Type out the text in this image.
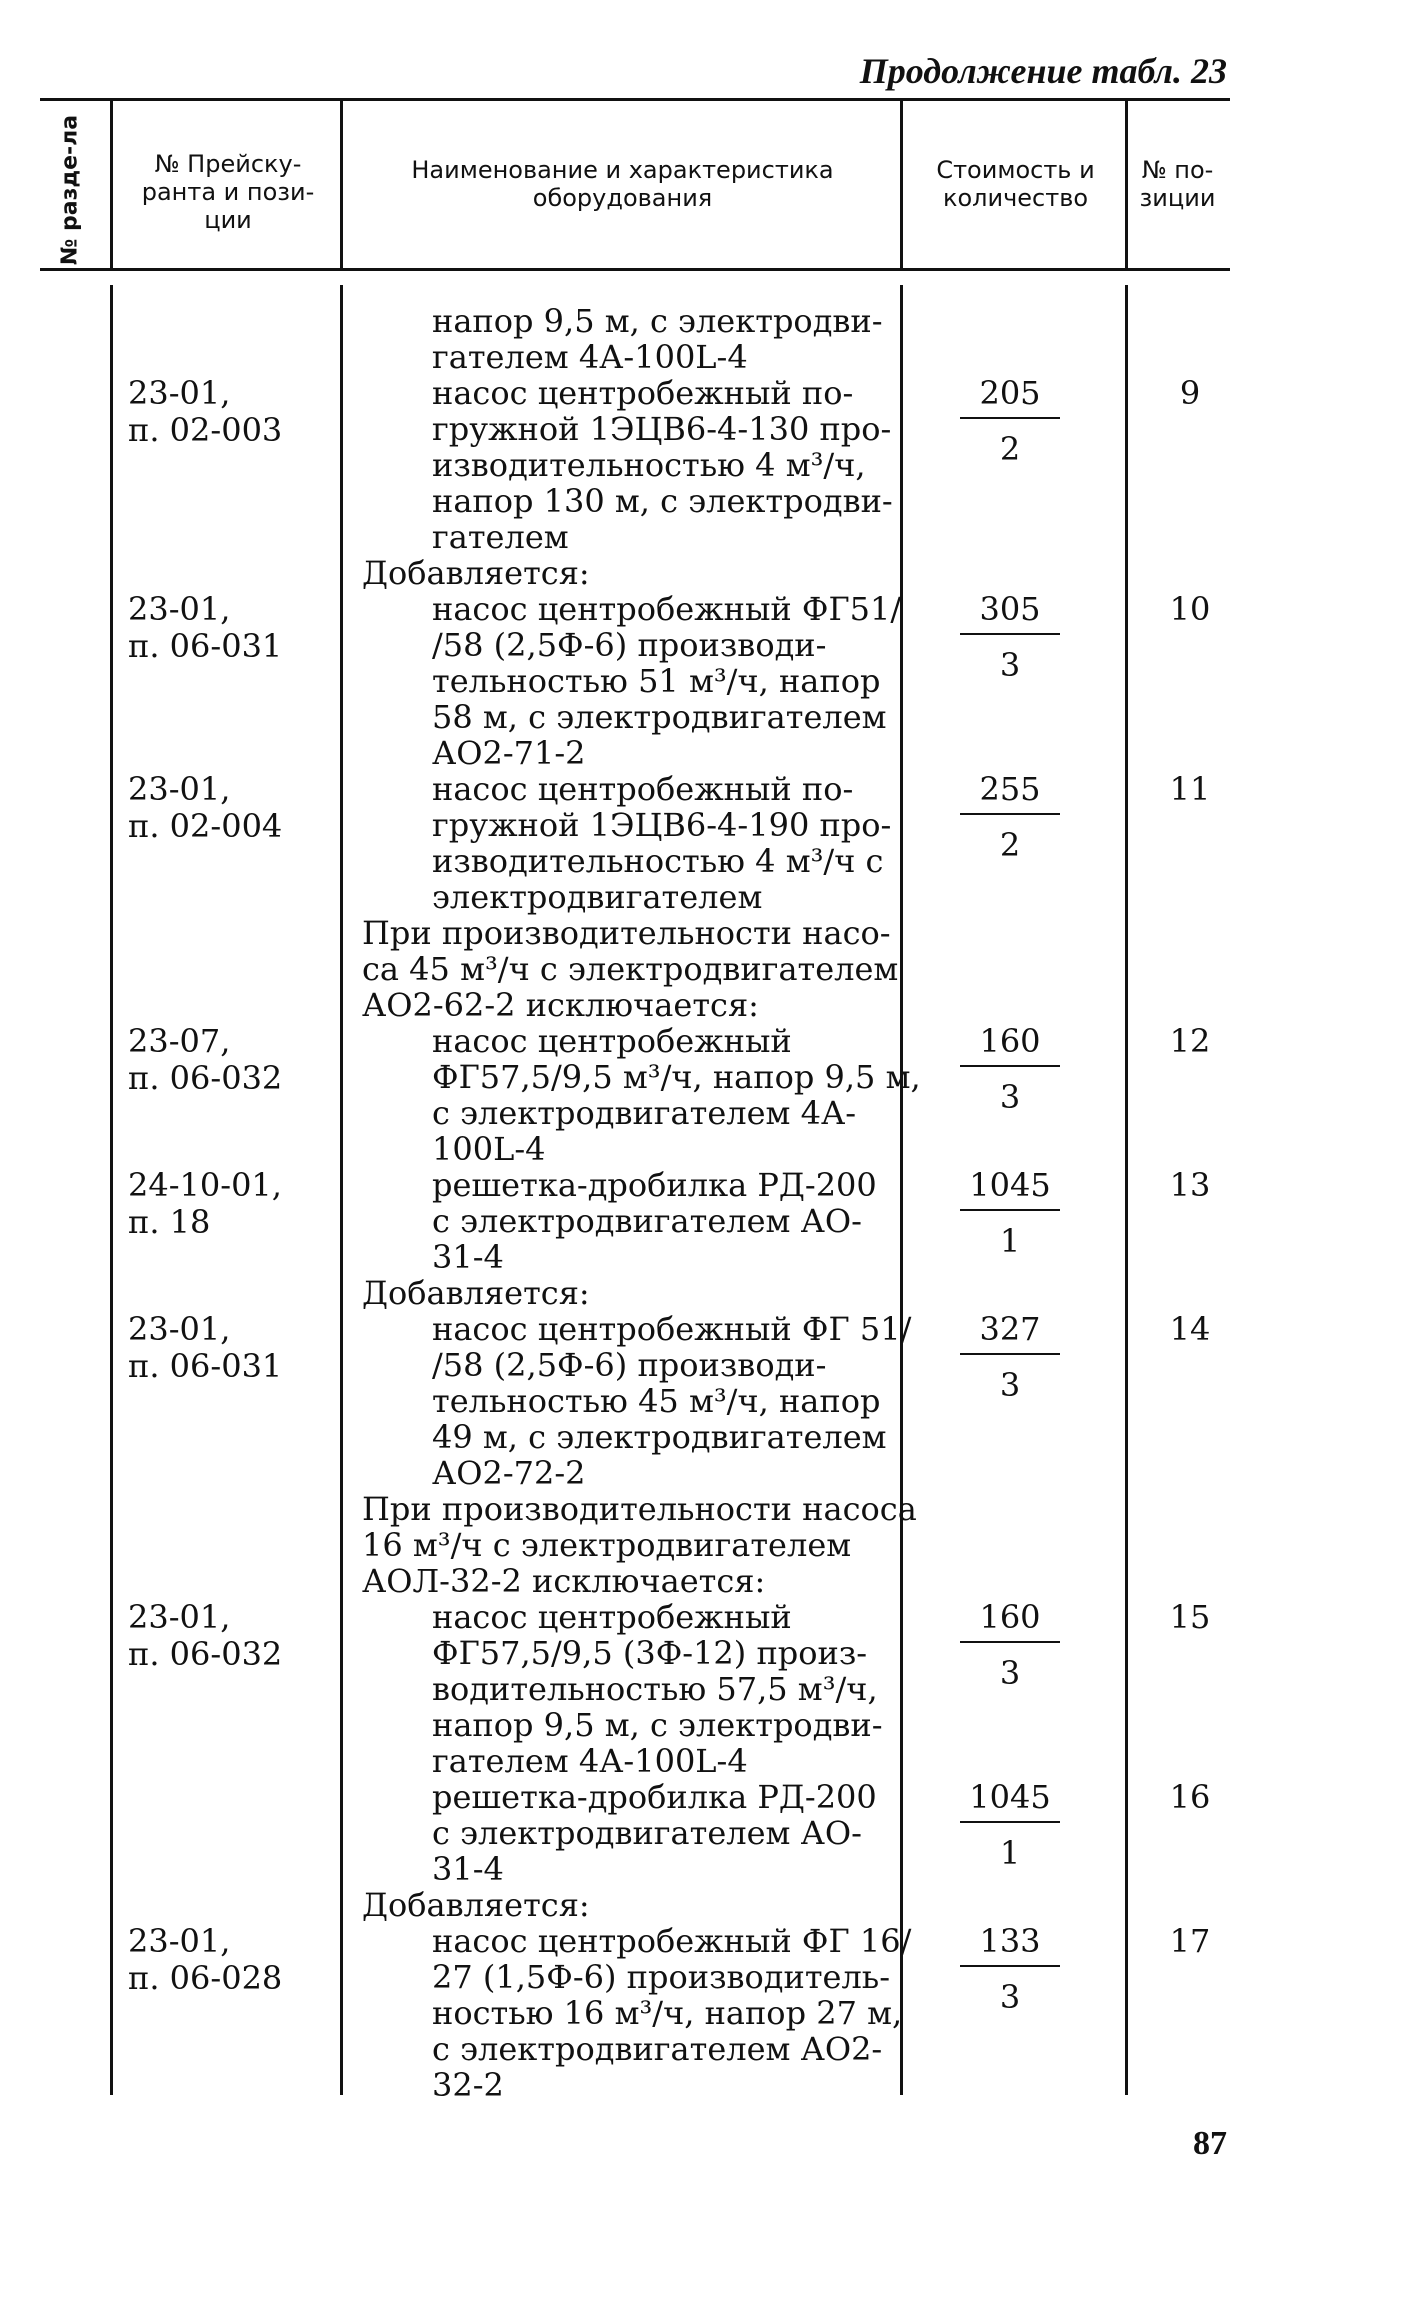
Продолжение табл. 23
№ разде-ла	№ Прейску-
ранта и пози-
ции
Наименование и характеристика
оборудования
Стоимость и
количество
№ по-
зиции
напор 9,5 м, с электродви-
гателем 4А-100L-4
23-01,
п. 02-003
насос центробежный по-
гружной 1ЭЦВ6-4-130 про-
изводительностью 4 м³/ч,
напор 130 м, с электродви-
гателем
205
2
9
Добавляется:
23-01,
п. 06-031
насос центробежный ФГ51/
/58 (2,5Ф-6) производи-
тельностью 51 м³/ч, напор
58 м, с электродвигателем
АО2-71-2
305
3
10
23-01,
п. 02-004
насос центробежный по-
гружной 1ЭЦВ6-4-190 про-
изводительностью 4 м³/ч с
электродвигателем
255
2
11
При производительности насо-
са 45 м³/ч с электродвигателем
АО2-62-2 исключается:
23-07,
п. 06-032
насос центробежный
ФГ57,5/9,5 м³/ч, напор 9,5 м,
с электродвигателем 4А-
100L-4
160
3
12
24-10-01,
п. 18
решетка-дробилка РД-200
с электродвигателем АО-
31-4
1045
1
13
Добавляется:
23-01,
п. 06-031
насос центробежный ФГ 51/
/58 (2,5Ф-6) производи-
тельностью 45 м³/ч, напор
49 м, с электродвигателем
АО2-72-2
327
3
14
При производительности насоса
16 м³/ч с электродвигателем
АОЛ-32-2 исключается:
23-01,
п. 06-032
насос центробежный
ФГ57,5/9,5 (3Ф-12) произ-
водительностью 57,5 м³/ч,
напор 9,5 м, с электродви-
гателем 4А-100L-4
160
3
15
решетка-дробилка РД-200
с электродвигателем АО-
31-4
1045
1
16
Добавляется:
23-01,
п. 06-028
насос центробежный ФГ 16/
27 (1,5Ф-6) производитель-
ностью 16 м³/ч, напор 27 м,
с электродвигателем АО2-
32-2
133
3
17
87
